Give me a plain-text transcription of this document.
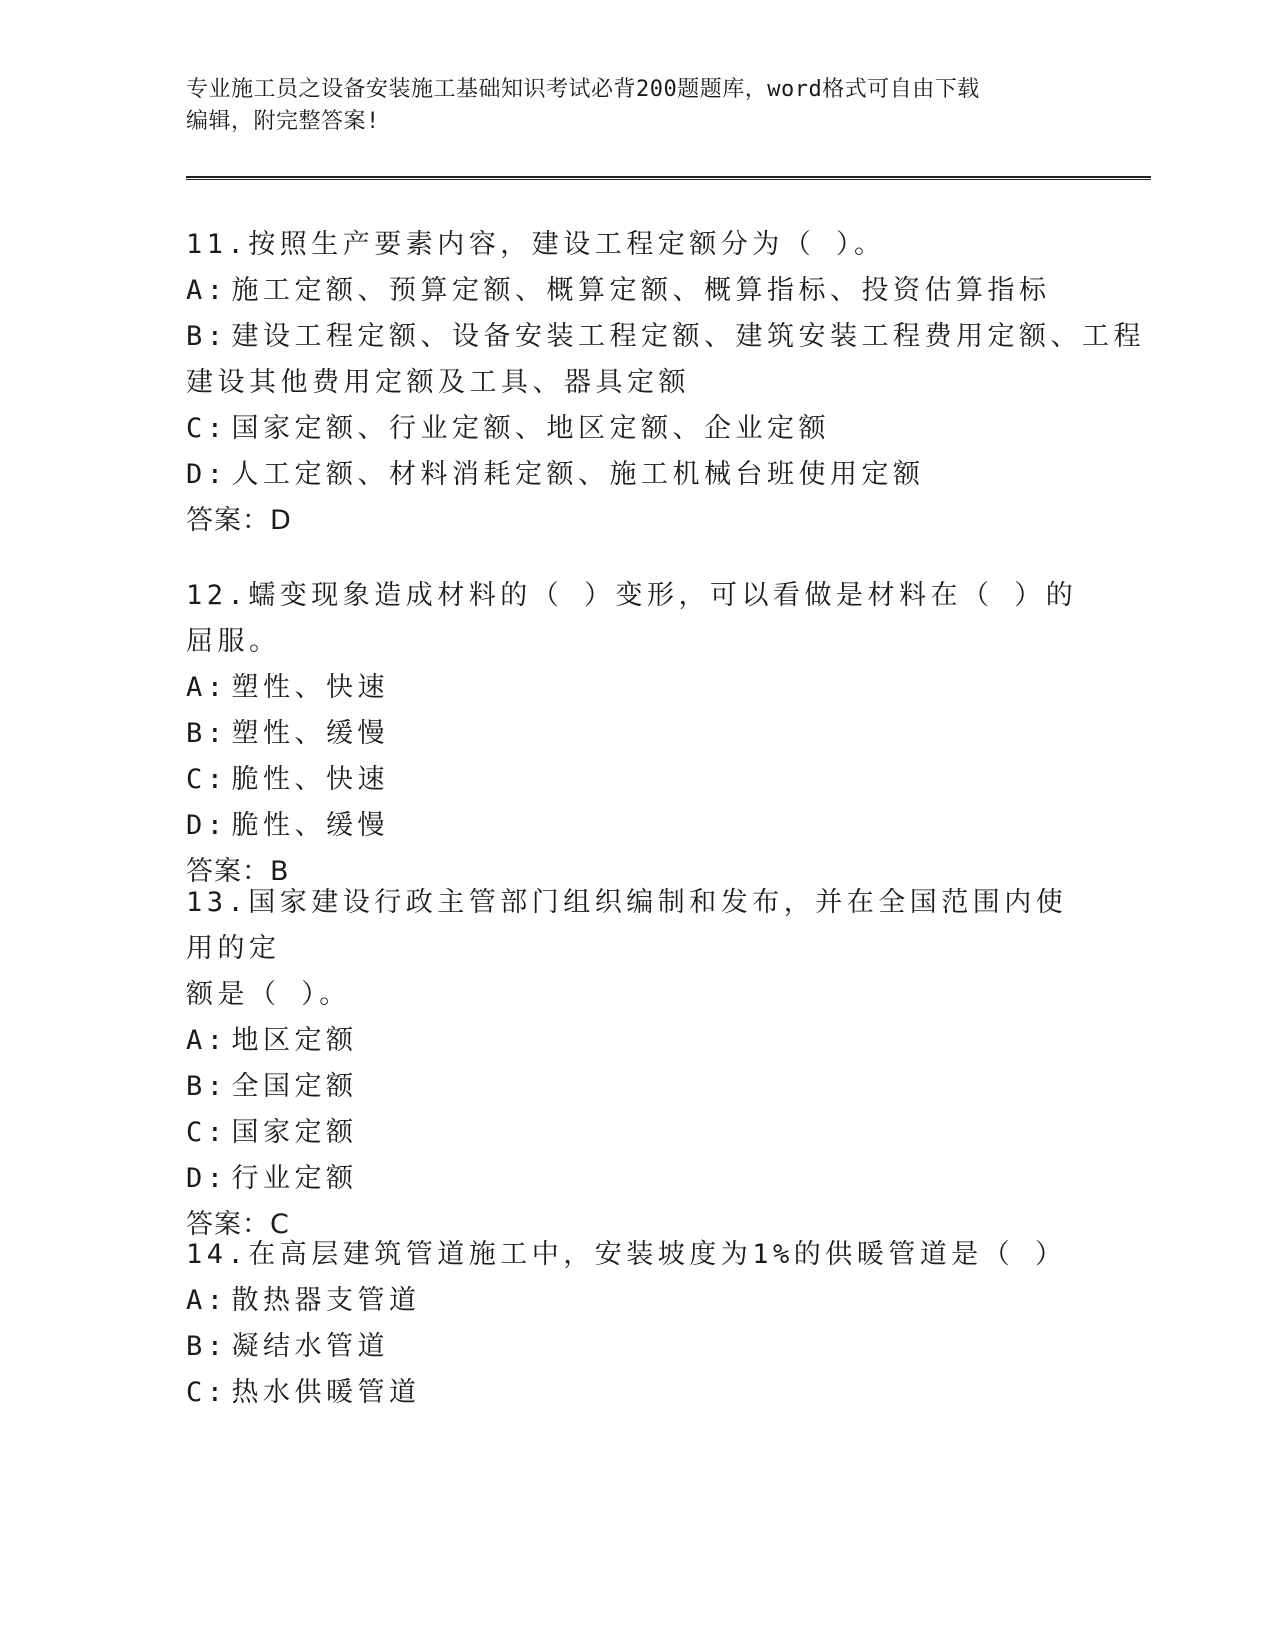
专业施工员之设备安装施工基础知识考试必背200题题库，word格式可自由下载
编辑，附完整答案!
11.按照生产要素内容，建设工程定额分为（ ）。
A: 施工定额、预算定额、概算定额、概算指标、投资估算指标
B: 建设工程定额、设备安装工程定额、建筑安装工程费用定额、工程
建设其他费用定额及工具、器具定额
C: 国家定额、行业定额、地区定额、企业定额
D: 人工定额、材料消耗定额、施工机械台班使用定额
答案：D
12.蠕变现象造成材料的（ ）变形，可以看做是材料在（ ）的屈服。
A: 塑性、快速
B: 塑性、缓慢
C: 脆性、快速
D: 脆性、缓慢
答案：B
13.国家建设行政主管部门组织编制和发布，并在全国范围内使用的定
额是（ ）。
A: 地区定额
B: 全国定额
C: 国家定额
D: 行业定额
答案：C
14.在高层建筑管道施工中，安装坡度为1%的供暖管道是（ ）
A: 散热器支管道
B: 凝结水管道
C: 热水供暖管道
